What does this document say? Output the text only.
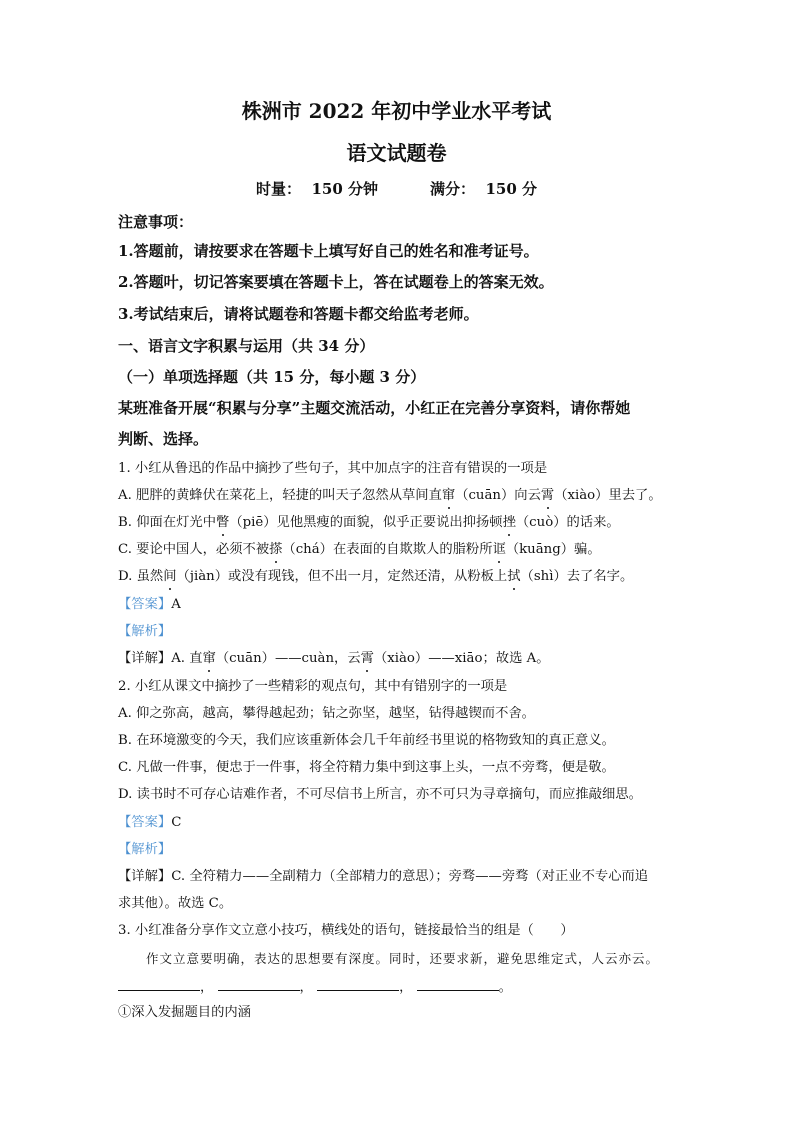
株洲市 2022 年初中学业水平考试
语文试题卷
时量： 150 分钟	满分： 150 分
注意事项：
1.答题前，请按要求在答题卡上填写好自己的姓名和准考证号。
2.答题叶，切记答案要填在答题卡上，答在试题卷上的答案无效。
3.考试结束后，请将试题卷和答题卡都交给监考老师。
一、语言文字积累与运用（共 34 分）
（一）单项选择题（共 15 分，每小题 3 分）
某班准备开展“积累与分享”主题交流活动，小红正在完善分享资料，请你帮她
判断、选择。
1. 小红从鲁迅的作品中摘抄了些句子，其中加点字的注音有错误的一项是
A. 肥胖的黄蜂伏在菜花上，轻捷的叫天子忽然从草间直窜（cuān）向云霄（xiào）里去了。
B. 仰面在灯光中瞥（piē）见他黑瘦的面貌，似乎正要说出抑扬顿挫（cuò）的话来。
C. 要论中国人，必须不被搽（chá）在表面的自欺欺人的脂粉所诓（kuāng）骗。
D. 虽然间（jiàn）或没有现钱，但不出一月，定然还清，从粉板上拭（shì）去了名字。
【答案】A
【解析】
【详解】A. 直窜（cuān）——cuàn，云霄（xiào）——xiāo；故选 A。
2. 小红从课文中摘抄了一些精彩的观点句，其中有错别字的一项是
A. 仰之弥高，越高，攀得越起劲；钻之弥坚，越坚，钻得越锲而不舍。
B. 在环境激变的今天，我们应该重新体会几千年前经书里说的格物致知的真正意义。
C. 凡做一件事，便忠于一件事，将全符精力集中到这事上头，一点不旁骛，便是敬。
D. 读书时不可存心诘难作者，不可尽信书上所言，亦不可只为寻章摘句，而应推敲细思。
【答案】C
【解析】
【详解】C. 全符精力——全副精力（全部精力的意思）；旁骛——旁骛（对正业不专心而追
求其他）。故选 C。
3. 小红准备分享作文立意小技巧，横线处的语句，链接最恰当的组是（　　）
作文立意要明确，表达的思想要有深度。同时，还要求新，避免思维定式，人云亦云。
，	，	，	。
①深入发掘题目的内涵
